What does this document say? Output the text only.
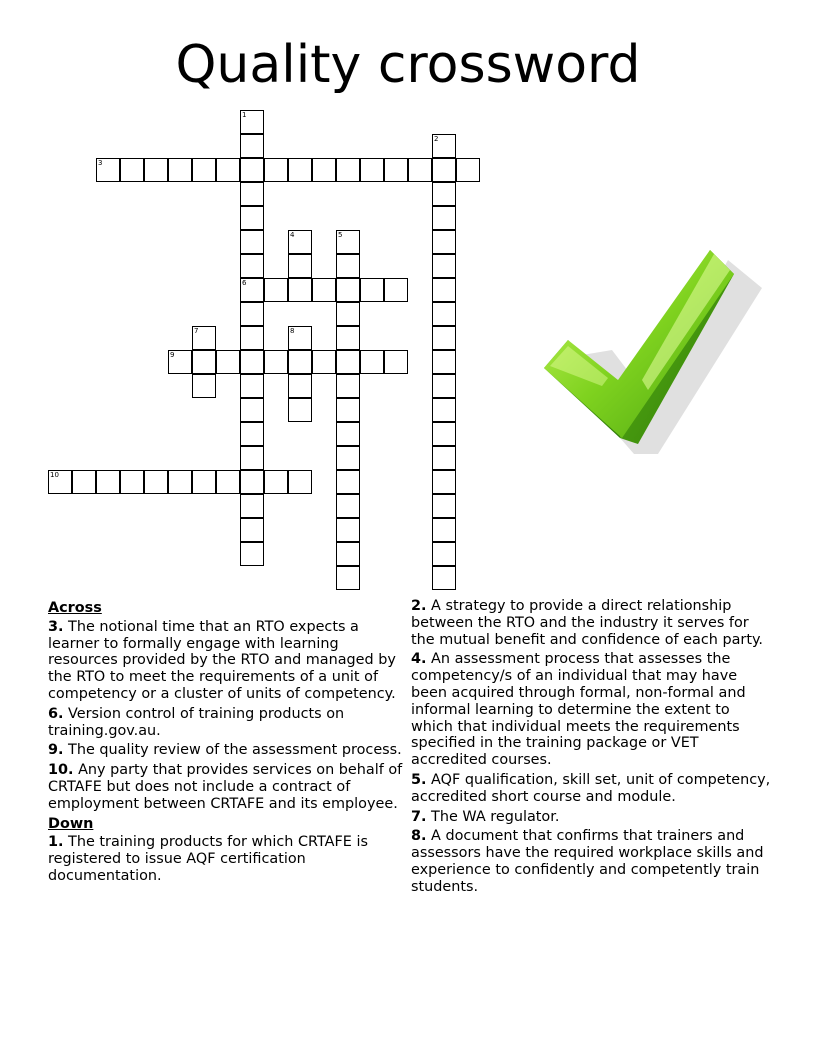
Quality crossword
1
6
2
3
4	5
7	8
9
10
Across
3. The notional time that an RTO expects a learner to formally engage with learning resources provided by the RTO and managed by the RTO to meet the requirements of a unit of competency or a cluster of units of competency.
6. Version control of training products on training.gov.au.
9. The quality review of the assessment process.
10. Any party that provides services on behalf of CRTAFE but does not include a contract of employment between CRTAFE and its employee.
Down
1. The training products for which CRTAFE is registered to issue AQF certification documentation.
2. A strategy to provide a direct relationship between the RTO and the industry it serves for the mutual benefit and confidence of each party.
4. An assessment process that assesses the competency/s of an individual that may have been acquired through formal, non-formal and informal learning to determine the extent to which that individual meets the requirements specified in the training package or VET accredited courses.
5. AQF qualification, skill set, unit of competency, accredited short course and module.
7. The WA regulator.
8. A document that confirms that trainers and assessors have the required workplace skills and experience to confidently and competently train students.
